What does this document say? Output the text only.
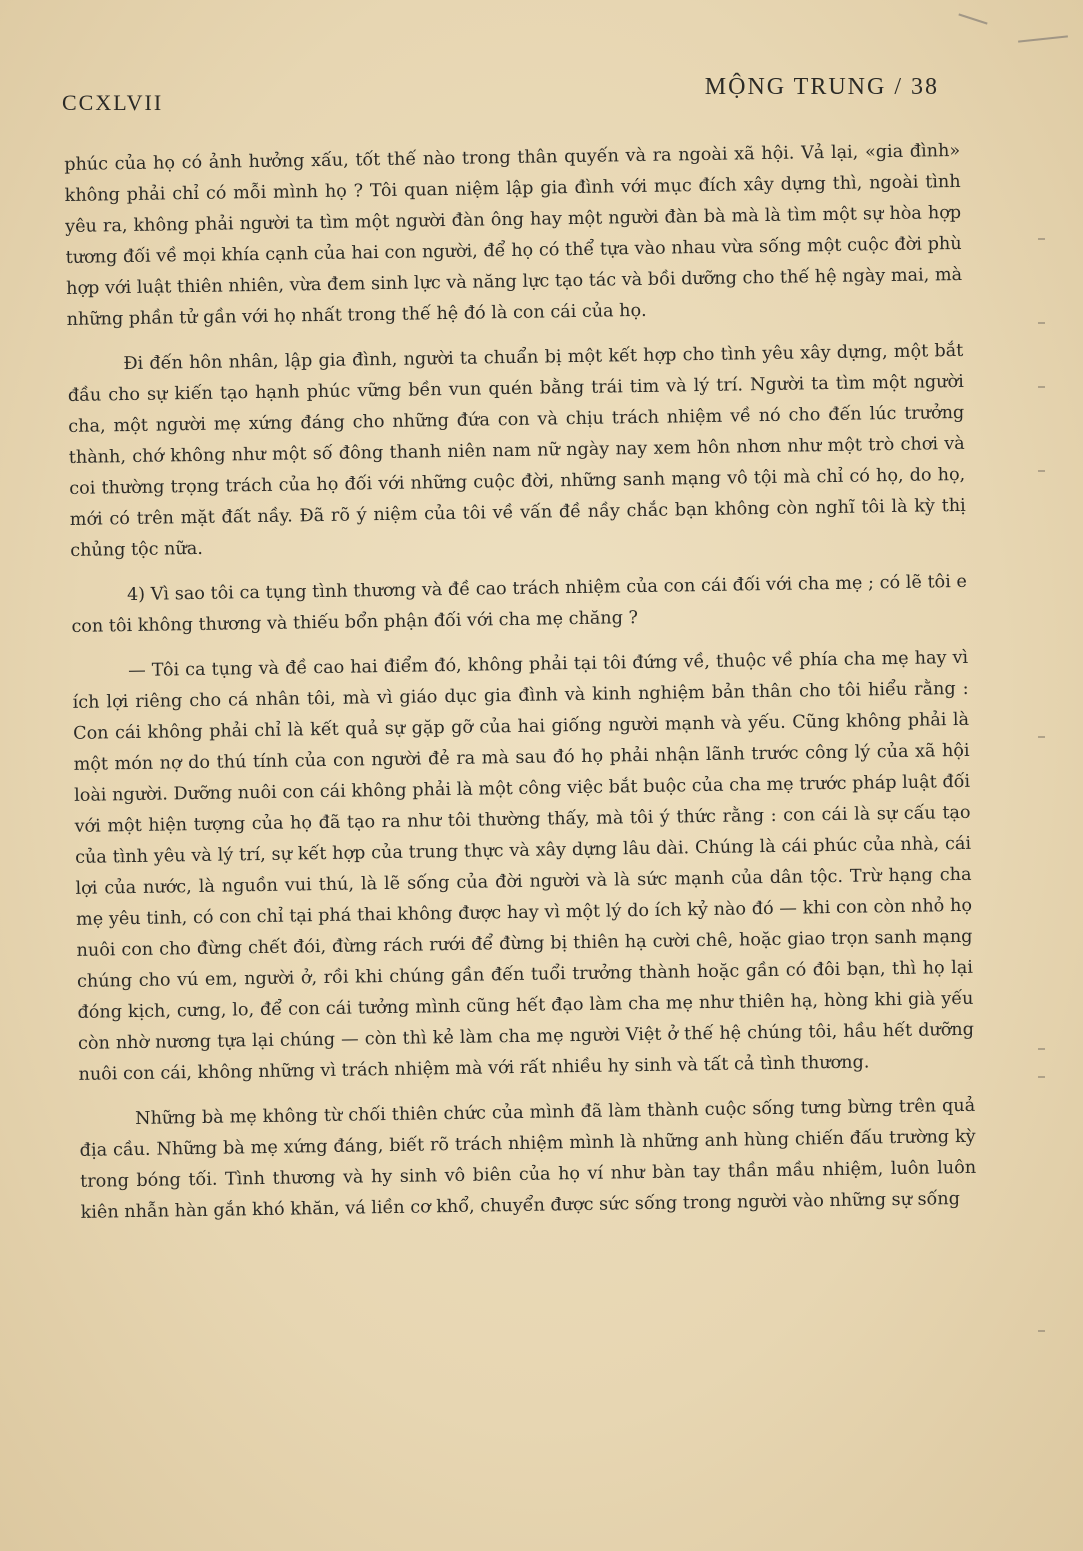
CCXLVII
MỘNG TRUNG / 38

phúc của họ có ảnh hưởng xấu, tốt thế nào trong thân quyến và ra ngoài xã hội. Vả lại, «gia đình» không phải chỉ có mỗi mình họ ? Tôi quan niệm lập gia đình với mục đích xây dựng thì, ngoài tình yêu ra, không phải người ta tìm một người đàn ông hay một người đàn bà mà là tìm một sự hòa hợp tương đối về mọi khía cạnh của hai con người, để họ có thể tựa vào nhau vừa sống một cuộc đời phù hợp với luật thiên nhiên, vừa đem sinh lực và năng lực tạo tác và bồi dưỡng cho thế hệ ngày mai, mà những phần tử gần với họ nhất trong thế hệ đó là con cái của họ.

Đi đến hôn nhân, lập gia đình, người ta chuẩn bị một kết hợp cho tình yêu xây dựng, một bắt đầu cho sự kiến tạo hạnh phúc vững bền vun quén bằng trái tim và lý trí. Người ta tìm một người cha, một người mẹ xứng đáng cho những đứa con và chịu trách nhiệm về nó cho đến lúc trưởng thành, chớ không như một số đông thanh niên nam nữ ngày nay xem hôn nhơn như một trò chơi và coi thường trọng trách của họ đối với những cuộc đời, những sanh mạng vô tội mà chỉ có họ, do họ, mới có trên mặt đất nầy. Đã rõ ý niệm của tôi về vấn đề nầy chắc bạn không còn nghĩ tôi là kỳ thị chủng tộc nữa.

4) Vì sao tôi ca tụng tình thương và đề cao trách nhiệm của con cái đối với cha mẹ ; có lẽ tôi e con tôi không thương và thiếu bổn phận đối với cha mẹ chăng ?

— Tôi ca tụng và đề cao hai điểm đó, không phải tại tôi đứng về, thuộc về phía cha mẹ hay vì ích lợi riêng cho cá nhân tôi, mà vì giáo dục gia đình và kinh nghiệm bản thân cho tôi hiểu rằng : Con cái không phải chỉ là kết quả sự gặp gỡ của hai giống người mạnh và yếu. Cũng không phải là một món nợ do thú tính của con người đẻ ra mà sau đó họ phải nhận lãnh trước công lý của xã hội loài người. Dưỡng nuôi con cái không phải là một công việc bắt buộc của cha mẹ trước pháp luật đối với một hiện tượng của họ đã tạo ra như tôi thường thấy, mà tôi ý thức rằng : con cái là sự cấu tạo của tình yêu và lý trí, sự kết hợp của trung thực và xây dựng lâu dài. Chúng là cái phúc của nhà, cái lợi của nước, là nguồn vui thú, là lẽ sống của đời người và là sức mạnh của dân tộc. Trừ hạng cha mẹ yêu tinh, có con chỉ tại phá thai không được hay vì một lý do ích kỷ nào đó — khi con còn nhỏ họ nuôi con cho đừng chết đói, đừng rách rưới để đừng bị thiên hạ cười chê, hoặc giao trọn sanh mạng chúng cho vú em, người ở, rồi khi chúng gần đến tuổi trưởng thành hoặc gần có đôi bạn, thì họ lại đóng kịch, cưng, lo, để con cái tưởng mình cũng hết đạo làm cha mẹ như thiên hạ, hòng khi già yếu còn nhờ nương tựa lại chúng — còn thì kẻ làm cha mẹ người Việt ở thế hệ chúng tôi, hầu hết dưỡng nuôi con cái, không những vì trách nhiệm mà với rất nhiều hy sinh và tất cả tình thương.

Những bà mẹ không từ chối thiên chức của mình đã làm thành cuộc sống tưng bừng trên quả địa cầu. Những bà mẹ xứng đáng, biết rõ trách nhiệm mình là những anh hùng chiến đấu trường kỳ trong bóng tối. Tình thương và hy sinh vô biên của họ ví như bàn tay thần mầu nhiệm, luôn luôn kiên nhẫn hàn gắn khó khăn, vá liền cơ khổ, chuyển được sức sống trong người vào những sự sống
